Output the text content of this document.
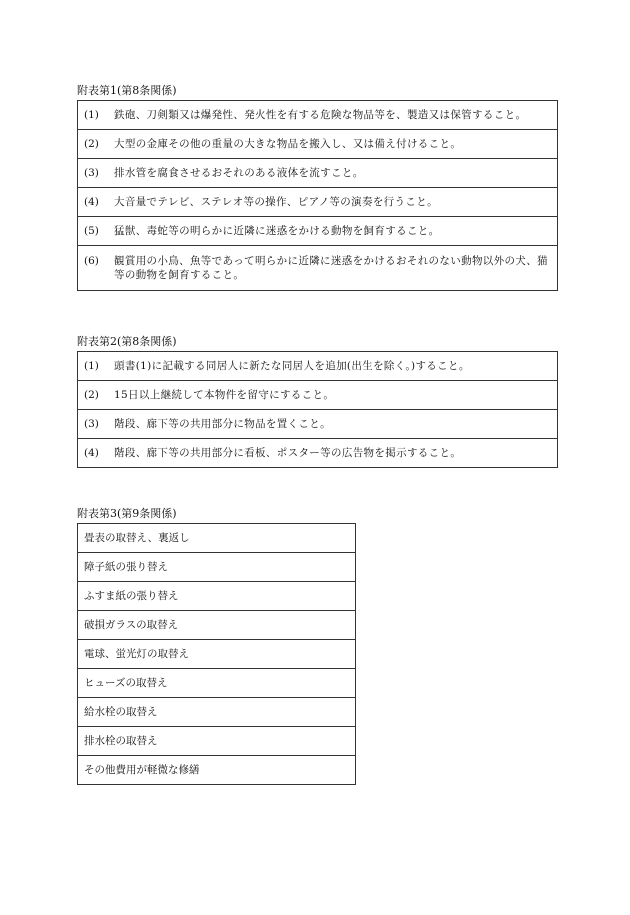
附表第1(第8条関係)
(1)	鉄砲、刀剣類又は爆発性、発火性を有する危険な物品等を、製造又は保管すること。

(2)	大型の金庫その他の重量の大きな物品を搬入し、又は備え付けること。

(3)	排水管を腐食させるおそれのある液体を流すこと。

(4)	大音量でテレビ、ステレオ等の操作、ピアノ等の演奏を行うこと。

(5)	猛獣、毒蛇等の明らかに近隣に迷惑をかける動物を飼育すること。

(6)	観賞用の小鳥、魚等であって明らかに近隣に迷惑をかけるおそれのない動物以外の犬、猫等の動物を飼育すること。
附表第2(第8条関係)
(1)	頭書(1)に記載する同居人に新たな同居人を追加(出生を除く。)すること。

(2)	15日以上継続して本物件を留守にすること。

(3)	階段、廊下等の共用部分に物品を置くこと。

(4)	階段、廊下等の共用部分に看板、ポスター等の広告物を掲示すること。
附表第3(第9条関係)
畳表の取替え、裏返し
障子紙の張り替え
ふすま紙の張り替え
破損ガラスの取替え
電球、蛍光灯の取替え
ヒューズの取替え
給水栓の取替え
排水栓の取替え
その他費用が軽微な修繕
